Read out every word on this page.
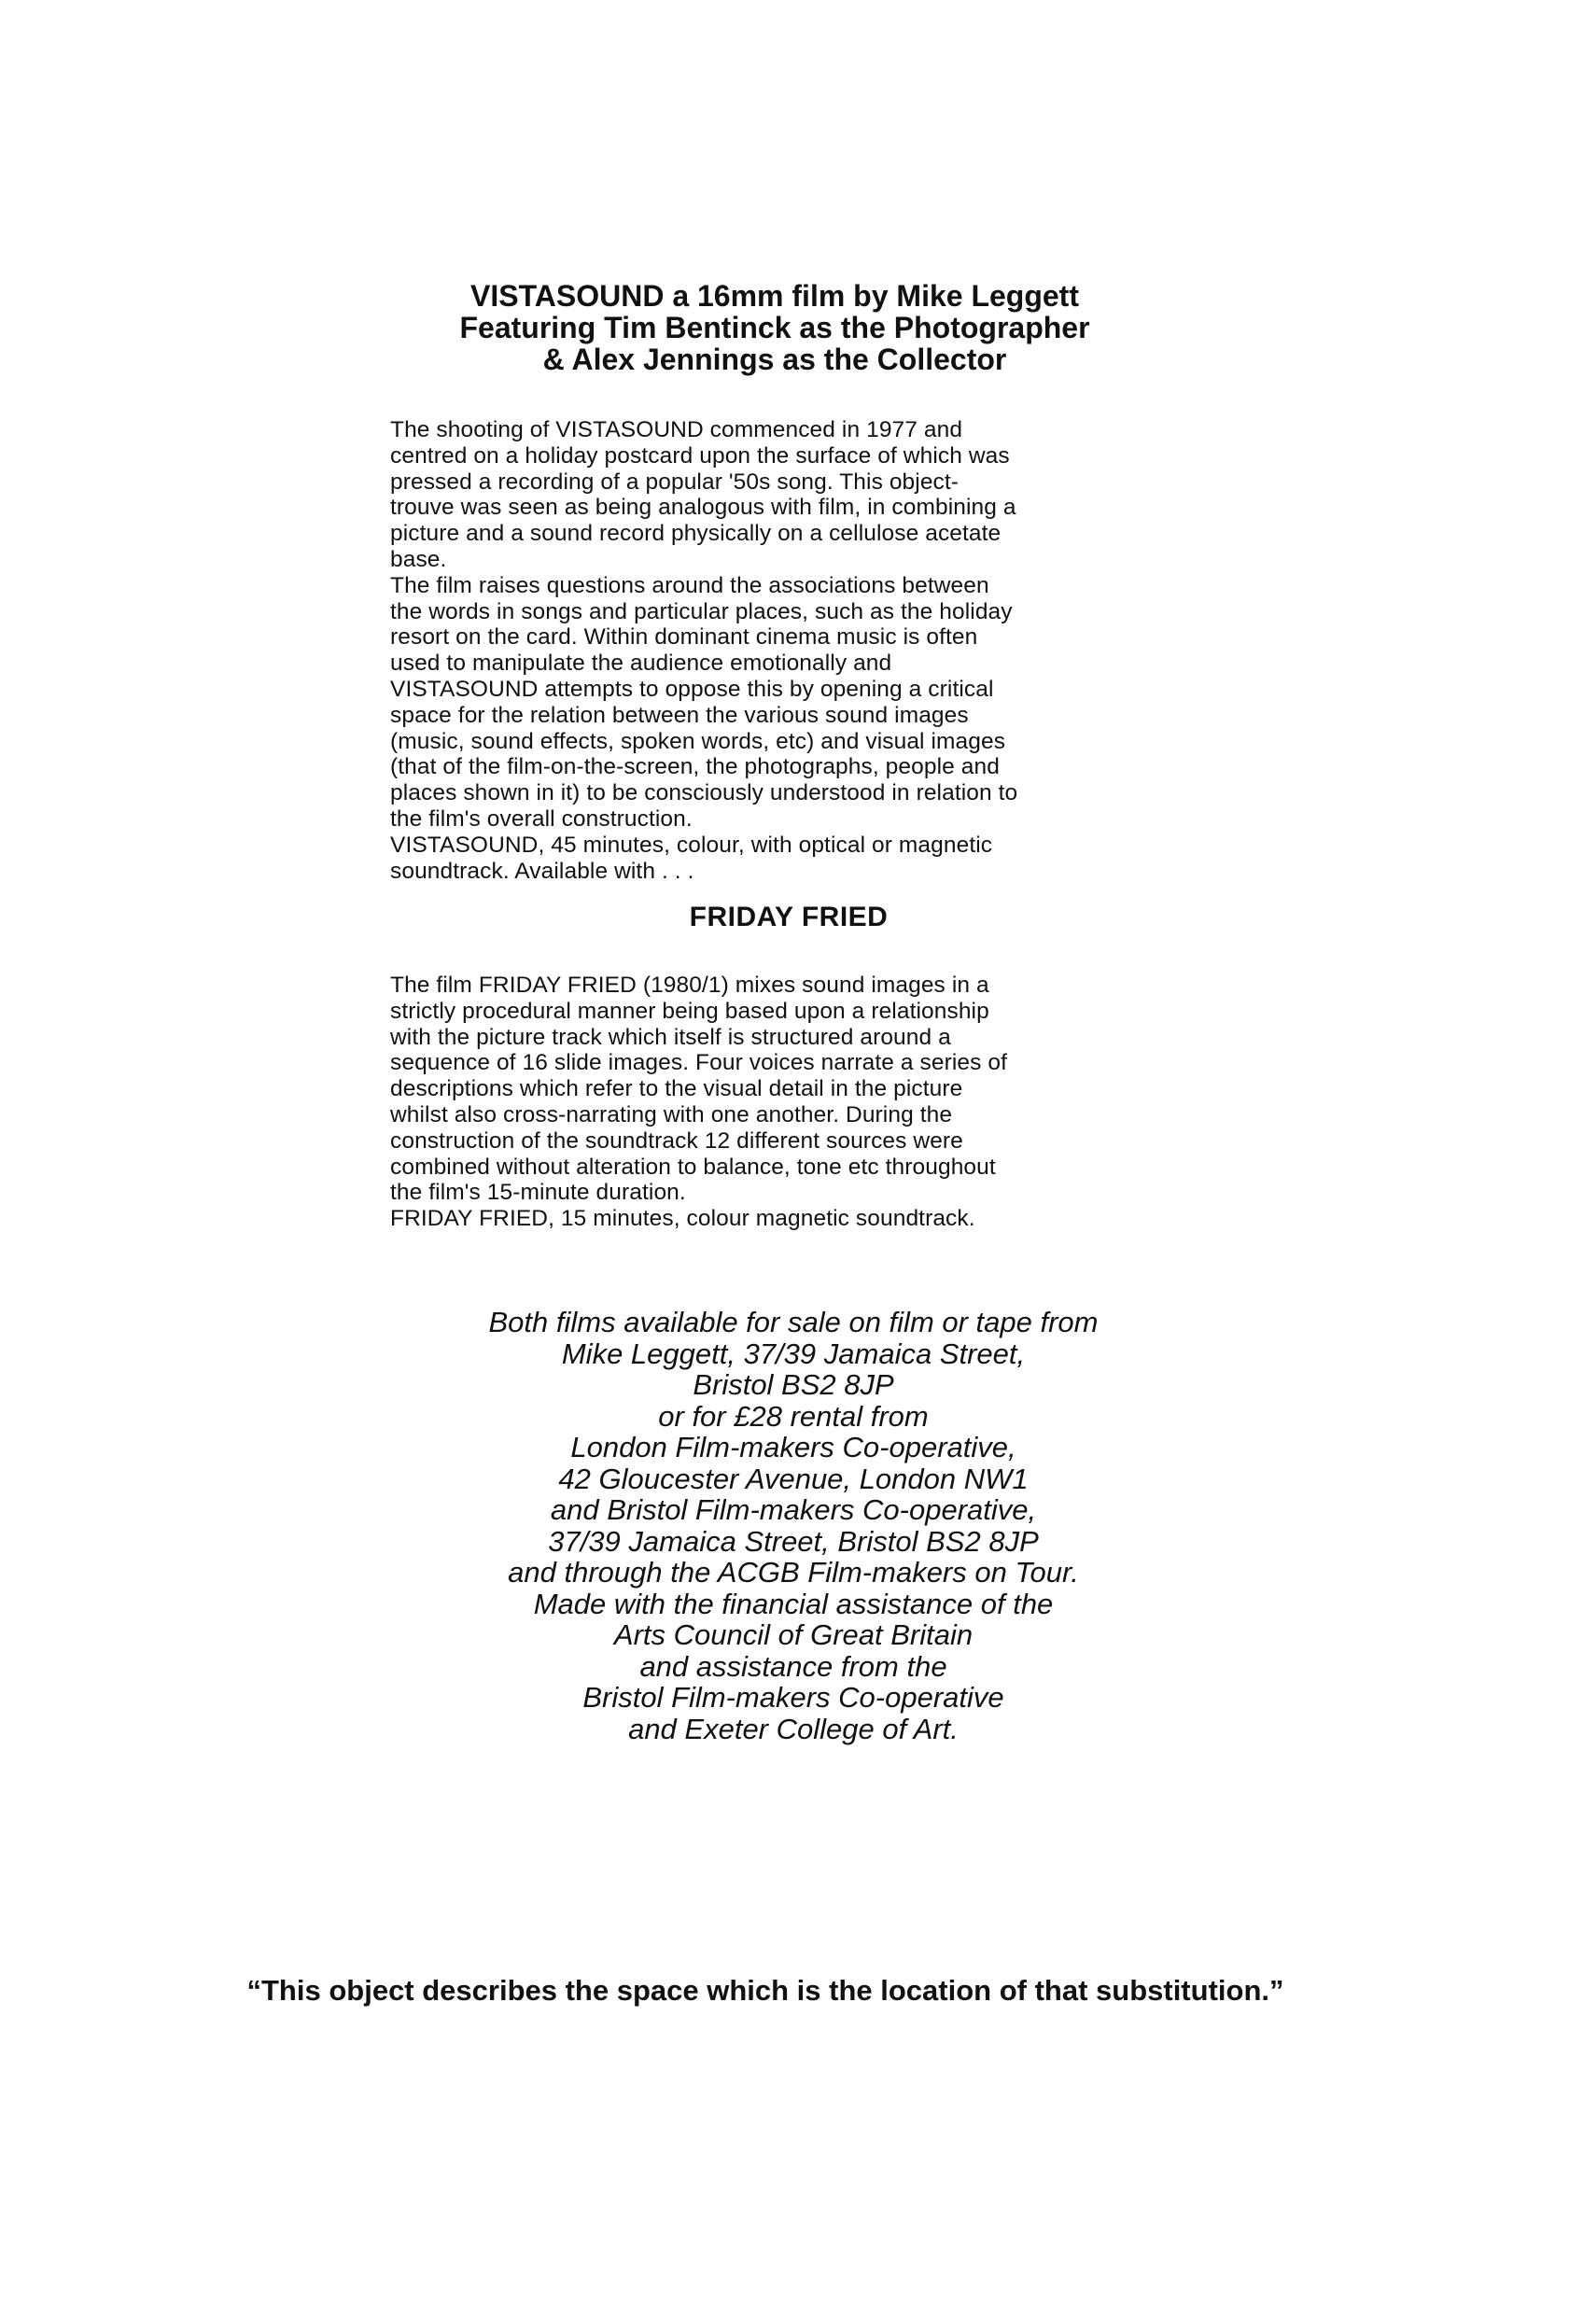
VISTASOUND a 16mm film by Mike Leggett
Featuring Tim Bentinck as the Photographer
& Alex Jennings as the Collector
The shooting of VISTASOUND commenced in 1977 and
centred on a holiday postcard upon the surface of which was
pressed a recording of a popular '50s song. This object-
trouve was seen as being analogous with film, in combining a
picture and a sound record physically on a cellulose acetate
base.
The film raises questions around the associations between
the words in songs and particular places, such as the holiday
resort on the card. Within dominant cinema music is often
used to manipulate the audience emotionally and
VISTASOUND attempts to oppose this by opening a critical
space for the relation between the various sound images
(music, sound effects, spoken words, etc) and visual images
(that of the film-on-the-screen, the photographs, people and
places shown in it) to be consciously understood in relation to
the film's overall construction.
VISTASOUND, 45 minutes, colour, with optical or magnetic
soundtrack. Available with . . .
FRIDAY FRIED
The film FRIDAY FRIED (1980/1) mixes sound images in a
strictly procedural manner being based upon a relationship
with the picture track which itself is structured around a
sequence of 16 slide images. Four voices narrate a series of
descriptions which refer to the visual detail in the picture
whilst also cross-narrating with one another. During the
construction of the soundtrack 12 different sources were
combined without alteration to balance, tone etc throughout
the film's 15-minute duration.
FRIDAY FRIED, 15 minutes, colour magnetic soundtrack.
Both films available for sale on film or tape from
Mike Leggett, 37/39 Jamaica Street,
Bristol BS2 8JP
or for £28 rental from
London Film-makers Co-operative,
42 Gloucester Avenue, London NW1
and Bristol Film-makers Co-operative,
37/39 Jamaica Street, Bristol BS2 8JP
and through the ACGB Film-makers on Tour.
Made with the financial assistance of the
Arts Council of Great Britain
and assistance from the
Bristol Film-makers Co-operative
and Exeter College of Art.
“This object describes the space which is the location of that substitution.”
